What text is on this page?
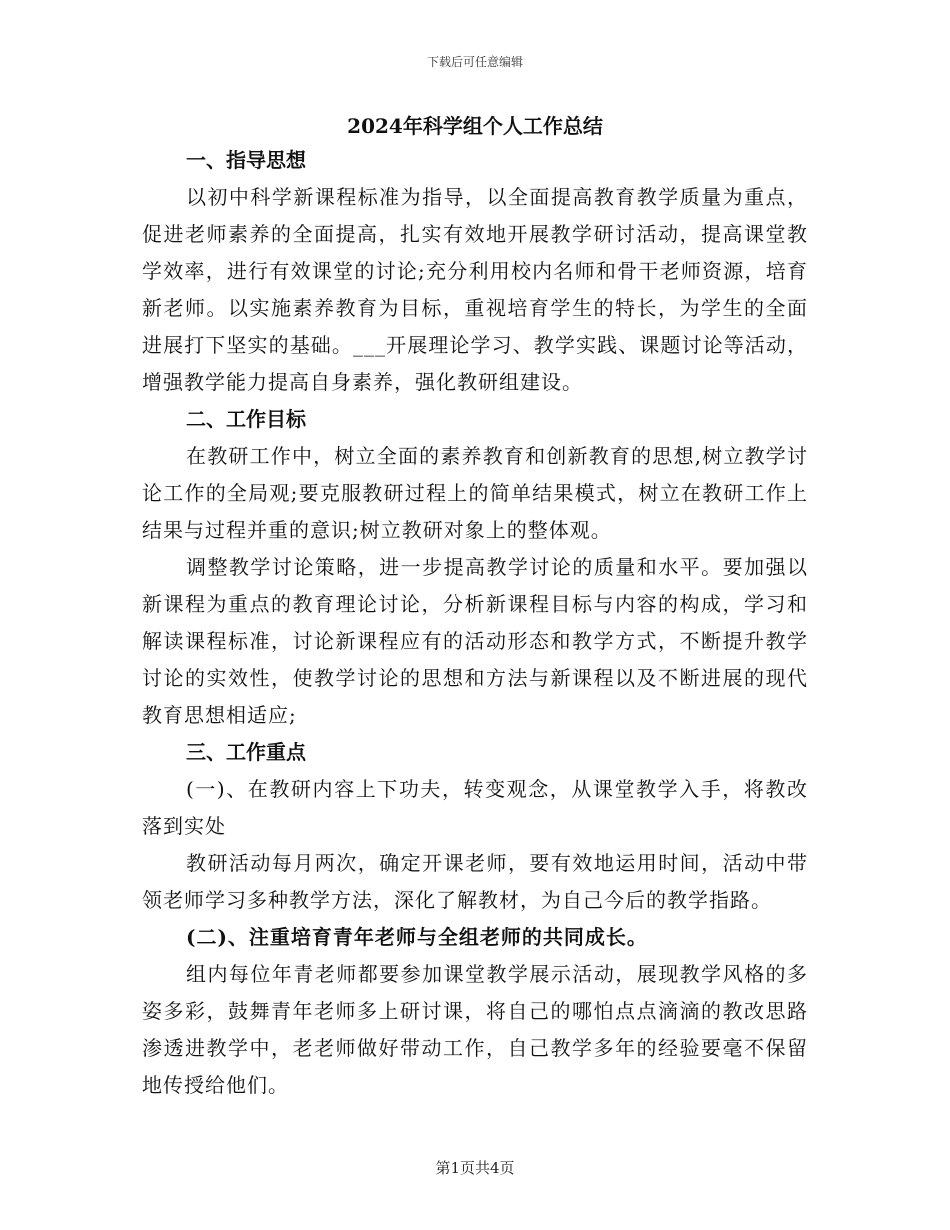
下载后可任意编辑
2024年科学组个人工作总结
一、指导思想

以初中科学新课程标准为指导，以全面提高教育教学质量为重点，促进老师素养的全面提高，扎实有效地开展教学研讨活动，提高课堂教学效率，进行有效课堂的讨论;充分利用校内名师和骨干老师资源，培育新老师。以实施素养教育为目标，重视培育学生的特长，为学生的全面进展打下坚实的基础。___开展理论学习、教学实践、课题讨论等活动，增强教学能力提高自身素养，强化教研组建设。

二、工作目标

在教研工作中，树立全面的素养教育和创新教育的思想,树立教学讨论工作的全局观;要克服教研过程上的简单结果模式，树立在教研工作上结果与过程并重的意识;树立教研对象上的整体观。

调整教学讨论策略，进一步提高教学讨论的质量和水平。要加强以新课程为重点的教育理论讨论，分析新课程目标与内容的构成，学习和解读课程标准，讨论新课程应有的活动形态和教学方式，不断提升教学讨论的实效性，使教学讨论的思想和方法与新课程以及不断进展的现代教育思想相适应;

三、工作重点

(一)、在教研内容上下功夫，转变观念，从课堂教学入手，将教改落到实处

教研活动每月两次，确定开课老师，要有效地运用时间，活动中带领老师学习多种教学方法，深化了解教材，为自己今后的教学指路。

(二)、注重培育青年老师与全组老师的共同成长。

组内每位年青老师都要参加课堂教学展示活动，展现教学风格的多姿多彩，鼓舞青年老师多上研讨课，将自己的哪怕点点滴滴的教改思路渗透进教学中，老老师做好带动工作，自己教学多年的经验要毫不保留地传授给他们。

第1页共4页
